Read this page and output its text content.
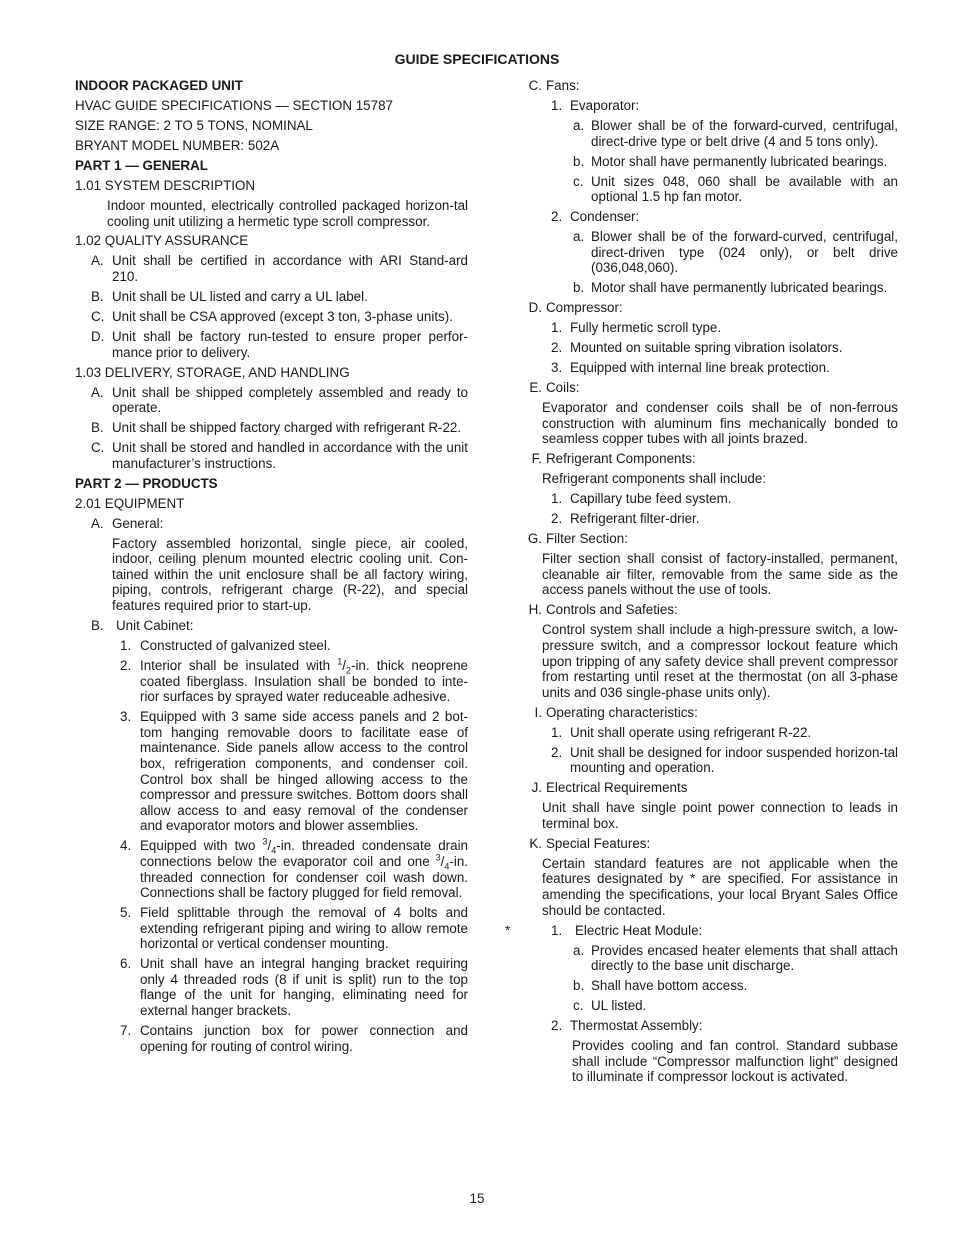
GUIDE SPECIFICATIONS
INDOOR PACKAGED UNIT
HVAC GUIDE SPECIFICATIONS — SECTION 15787
SIZE RANGE: 2 TO 5 TONS, NOMINAL
BRYANT MODEL NUMBER: 502A
PART 1 — GENERAL
1.01 SYSTEM DESCRIPTION
Indoor mounted, electrically controlled packaged horizon-tal cooling unit utilizing a hermetic type scroll compressor.
1.02 QUALITY ASSURANCE
A. Unit shall be certified in accordance with ARI Stand-ard 210.
B. Unit shall be UL listed and carry a UL label.
C. Unit shall be CSA approved (except 3 ton, 3-phase units).
D. Unit shall be factory run-tested to ensure proper perfor-mance prior to delivery.
1.03 DELIVERY, STORAGE, AND HANDLING
A. Unit shall be shipped completely assembled and ready to operate.
B. Unit shall be shipped factory charged with refrigerant R-22.
C. Unit shall be stored and handled in accordance with the unit manufacturer’s instructions.
PART 2 — PRODUCTS
2.01 EQUIPMENT
A. General:
Factory assembled horizontal, single piece, air cooled, indoor, ceiling plenum mounted electric cooling unit. Con-tained within the unit enclosure shall be all factory wiring, piping, controls, refrigerant charge (R-22), and special features required prior to start-up.
B. Unit Cabinet:
1. Constructed of galvanized steel.
2. Interior shall be insulated with $^1/_2-in$. thick neoprene coated fiberglass. Insulation shall be bonded to inte-rior surfaces by sprayed water reduceable adhesive.
3. Equipped with 3 same side access panels and 2 bot-tom hanging removable doors to facilitate ease of maintenance. Side panels allow access to the control box, refrigeration components, and condenser coil. Control box shall be hinged allowing access to the compressor and pressure switches. Bottom doors shall allow access to and easy removal of the condenser and evaporator motors and blower assemblies.
4. Equipped with two $^3/_4-in$. threaded condensate drain connections below the evaporator coil and one $^3/_4-in$. threaded connection for condenser coil wash down. Connections shall be factory plugged for field removal.
5. Field splittable through the removal of 4 bolts and extending refrigerant piping and wiring to allow remote horizontal or vertical condenser mounting.
6. Unit shall have an integral hanging bracket requiring only 4 threaded rods (8 if unit is split) run to the top flange of the unit for hanging, eliminating need for external hanger brackets.
7. Contains junction box for power connection and opening for routing of control wiring.
C. Fans:
1. Evaporator:
a. Blower shall be of the forward-curved, centrifugal, direct-drive type or belt drive (4 and 5 tons only).
b. Motor shall have permanently lubricated bearings.
c. Unit sizes 048, 060 shall be available with an optional 1.5 hp fan motor.
2. Condenser:
a. Blower shall be of the forward-curved, centrifugal, direct-driven type (024 only), or belt drive (036,048,060).
b. Motor shall have permanently lubricated bearings.
D. Compressor:
1. Fully hermetic scroll type.
2. Mounted on suitable spring vibration isolators.
3. Equipped with internal line break protection.
E. Coils:
Evaporator and condenser coils shall be of non-ferrous construction with aluminum fins mechanically bonded to seamless copper tubes with all joints brazed.
F. Refrigerant Components:
Refrigerant components shall include:
1. Capillary tube feed system.
2. Refrigerant filter-drier.
G. Filter Section:
Filter section shall consist of factory-installed, permanent, cleanable air filter, removable from the same side as the access panels without the use of tools.
H. Controls and Safeties:
Control system shall include a high-pressure switch, a low-pressure switch, and a compressor lockout feature which upon tripping of any safety device shall prevent compressor from restarting until reset at the thermostat (on all 3-phase units and 036 single-phase units only).
I. Operating characteristics:
1. Unit shall operate using refrigerant R-22.
2. Unit shall be designed for indoor suspended horizon-tal mounting and operation.
J. Electrical Requirements
Unit shall have single point power connection to leads in terminal box.
K. Special Features:
Certain standard features are not applicable when the features designated by * are specified. For assistance in amending the specifications, your local Bryant Sales Office should be contacted.
*	1. Electric Heat Module:
a. Provides encased heater elements that shall attach directly to the base unit discharge.
b. Shall have bottom access.
c. UL listed.
2. Thermostat Assembly:
Provides cooling and fan control. Standard subbase shall include “Compressor malfunction light” designed to illuminate if compressor lockout is activated.
15
